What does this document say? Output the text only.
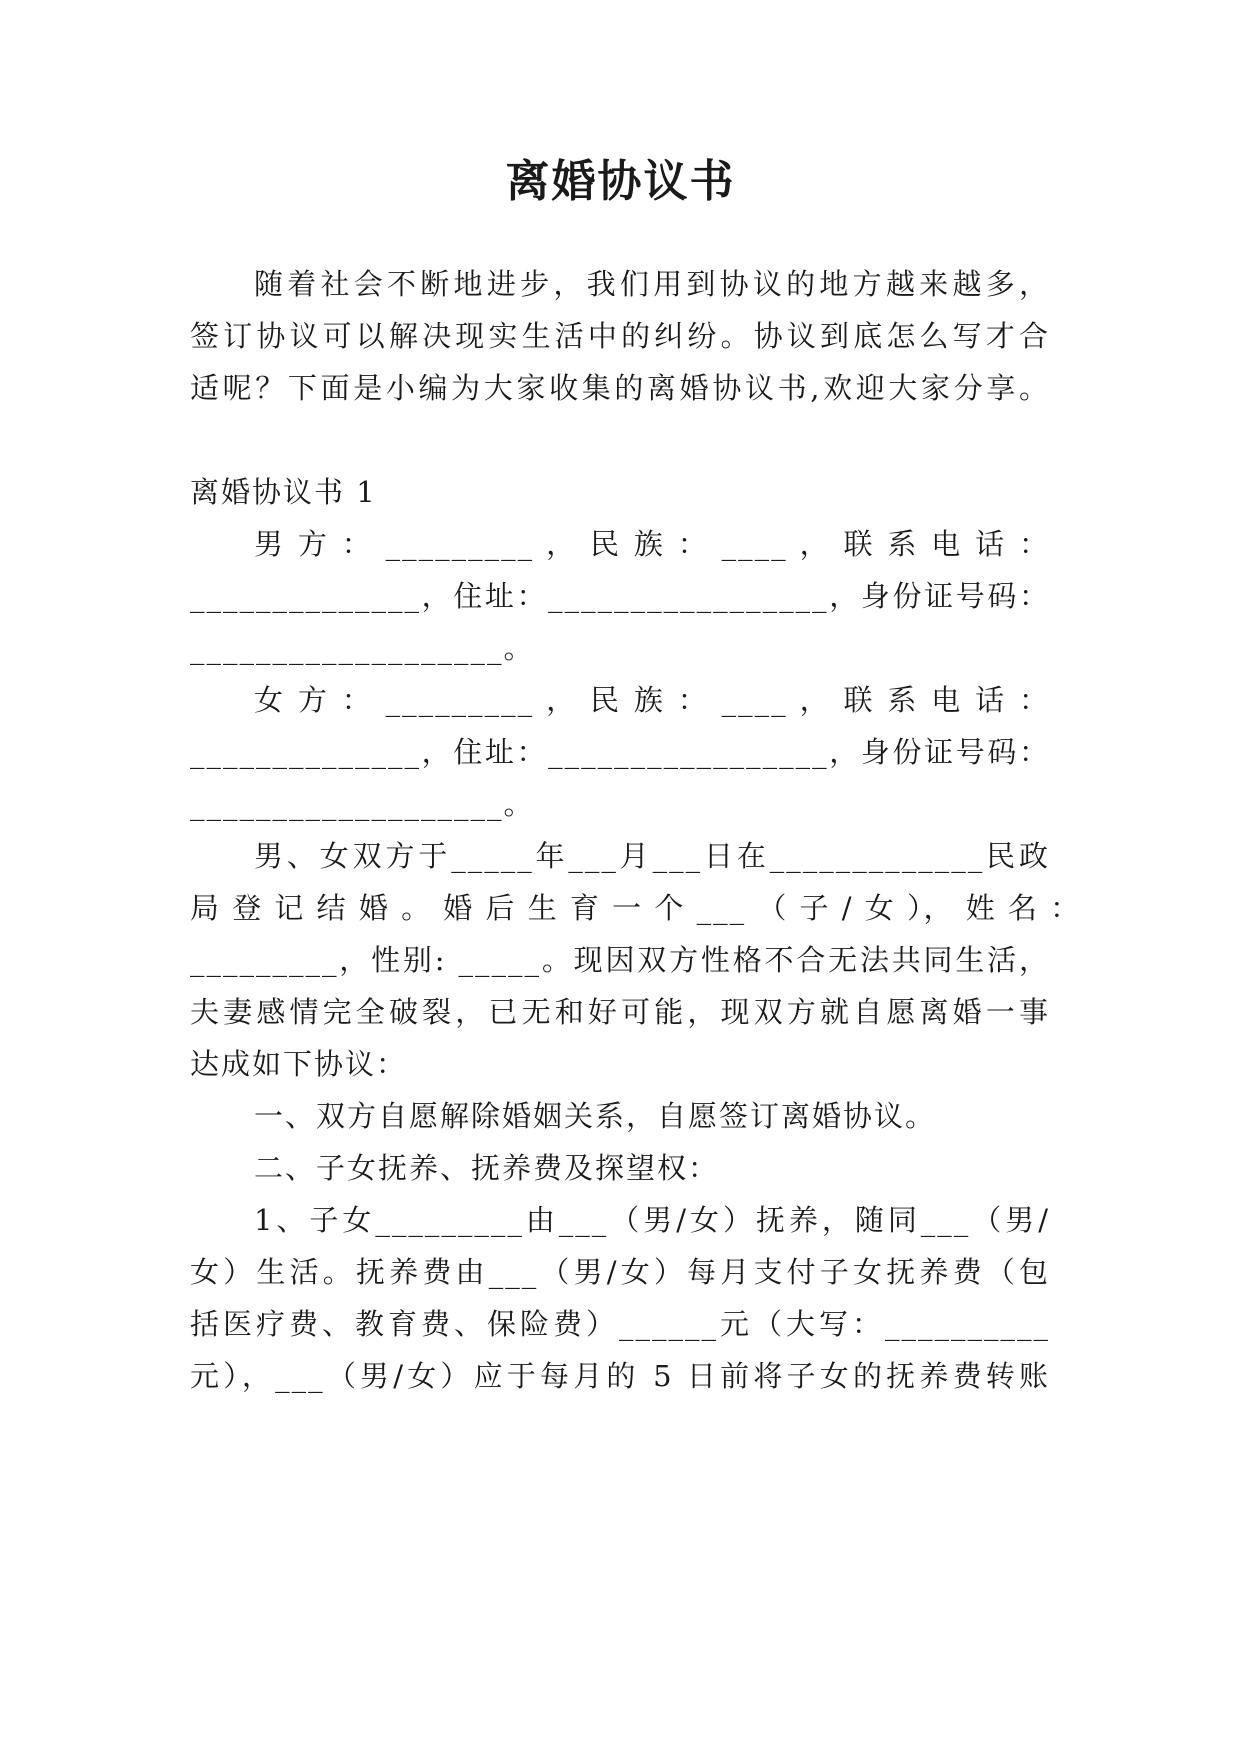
离婚协议书

随着社会不断地进步，我们用到协议的地方越来越多，

签订协议可以解决现实生活中的纠纷。协议到底怎么写才合

适呢？下面是小编为大家收集的离婚协议书,欢迎大家分享。

离婚协议书 1

男 方 ： _________ ， 民 族 ： ____ ， 联 系 电 话 ：

______________，住址：_________________，身份证号码：

___________________。

女 方 ： _________ ， 民 族 ： ____ ， 联 系 电 话 ：

______________，住址：_________________，身份证号码：

___________________。

男、女双方于_____年___月___日在_____________民政

局 登 记 结 婚 。 婚 后 生 育 一 个 ___ （ 子 / 女 ）， 姓 名 ：

_________，性别: _____。现因双方性格不合无法共同生活，

夫妻感情完全破裂，已无和好可能，现双方就自愿离婚一事

达成如下协议：

一、双方自愿解除婚姻关系，自愿签订离婚协议。

二、子女抚养、抚养费及探望权：

1、子女_________由___（男/女）抚养，随同___（男/

女）生活。抚养费由___（男/女）每月支付子女抚养费（包

括医疗费、教育费、保险费）______元（大写：__________

元），___（男/女）应于每月的 5 日前将子女的抚养费转账
